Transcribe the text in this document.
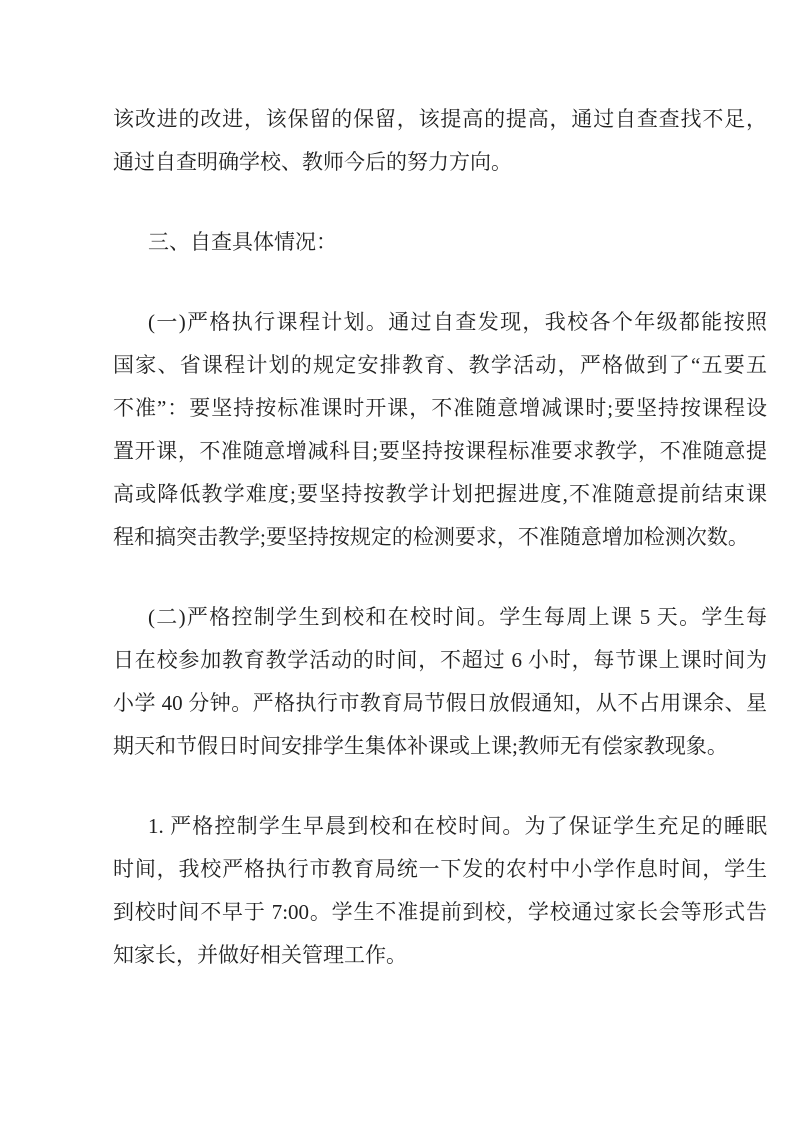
该改进的改进，该保留的保留，该提高的提高，通过自查查找不足，
通过自查明确学校、教师今后的努力方向。

三、自查具体情况：

(一)严格执行课程计划。通过自查发现，我校各个年级都能按照
国家、省课程计划的规定安排教育、教学活动，严格做到了“五要五
不准”：要坚持按标准课时开课，不准随意增减课时;要坚持按课程设
置开课，不准随意增减科目;要坚持按课程标准要求教学，不准随意提
高或降低教学难度;要坚持按教学计划把握进度,不准随意提前结束课
程和搞突击教学;要坚持按规定的检测要求，不准随意增加检测次数。

(二)严格控制学生到校和在校时间。学生每周上课 5 天。学生每
日在校参加教育教学活动的时间，不超过 6 小时，每节课上课时间为
小学 40 分钟。严格执行市教育局节假日放假通知，从不占用课余、星
期天和节假日时间安排学生集体补课或上课;教师无有偿家教现象。

1. 严格控制学生早晨到校和在校时间。为了保证学生充足的睡眠
时间，我校严格执行市教育局统一下发的农村中小学作息时间，学生
到校时间不早于 7:00。学生不准提前到校，学校通过家长会等形式告
知家长，并做好相关管理工作。
